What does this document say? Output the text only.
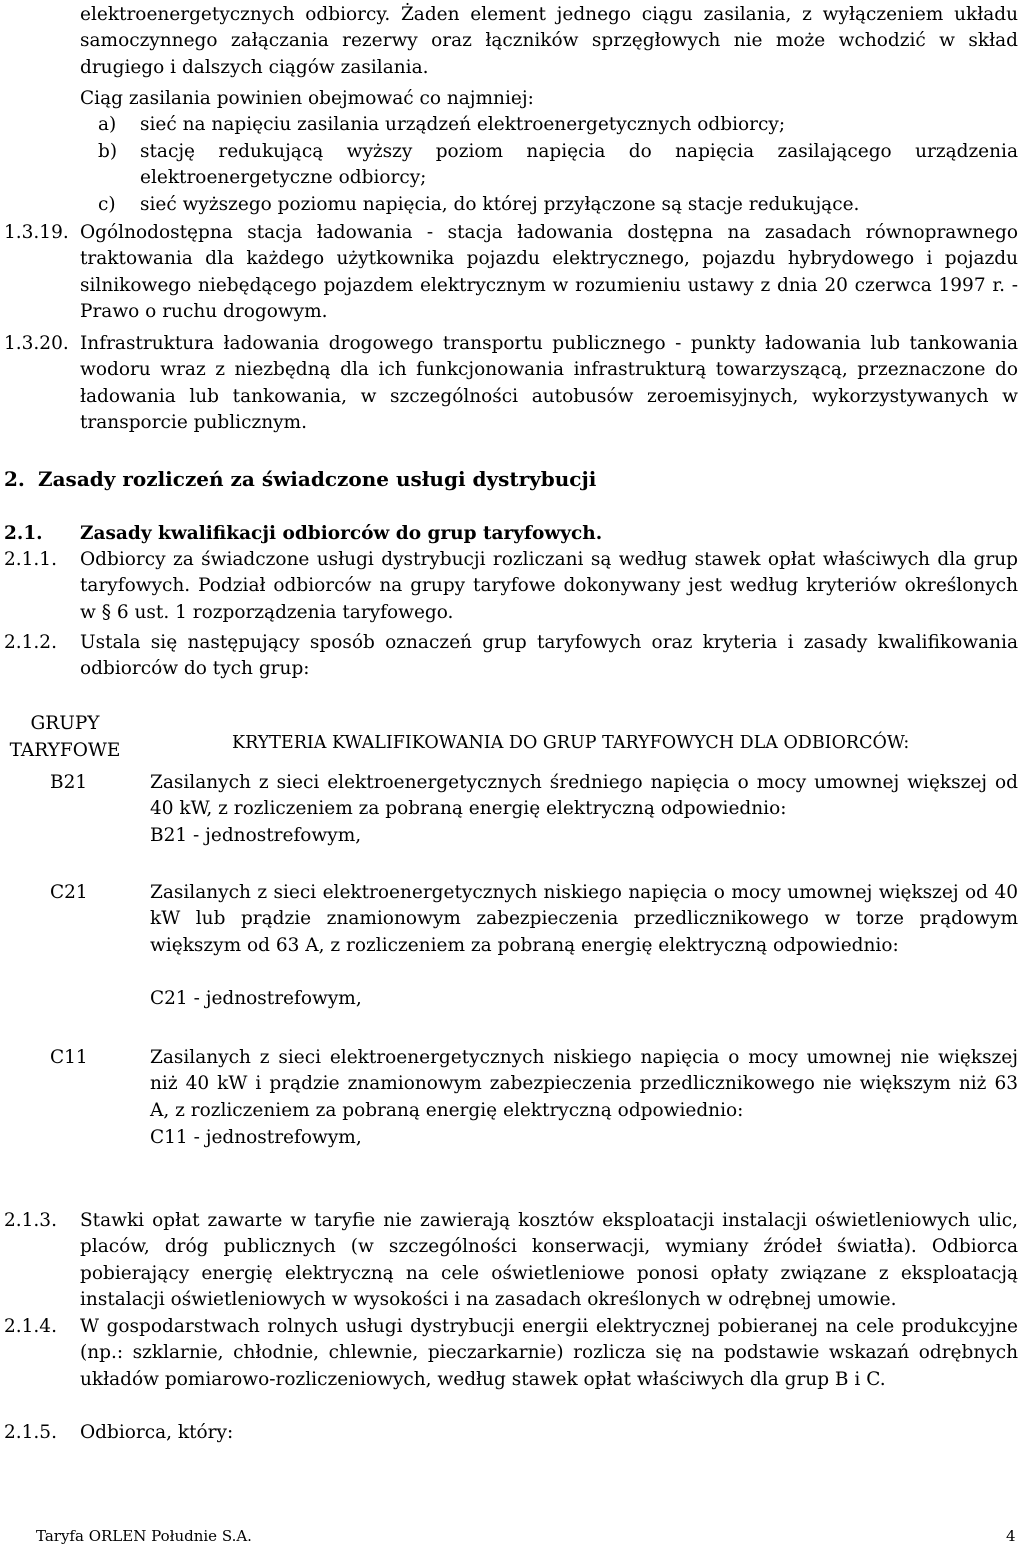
elektroenergetycznych odbiorcy. Żaden element jednego ciągu zasilania, z wyłączeniem układu samoczynnego załączania rezerwy oraz łączników sprzęgłowych nie może wchodzić w skład drugiego i dalszych ciągów zasilania.

Ciąg zasilania powinien obejmować co najmniej:

a) sieć na napięciu zasilania urządzeń elektroenergetycznych odbiorcy;

b) stację redukującą wyższy poziom napięcia do napięcia zasilającego urządzenia elektroenergetyczne odbiorcy;

c) sieć wyższego poziomu napięcia, do której przyłączone są stacje redukujące.

1.3.19. Ogólnodostępna stacja ładowania - stacja ładowania dostępna na zasadach równoprawnego traktowania dla każdego użytkownika pojazdu elektrycznego, pojazdu hybrydowego i pojazdu silnikowego niebędącego pojazdem elektrycznym w rozumieniu ustawy z dnia 20 czerwca 1997 r. - Prawo o ruchu drogowym.

1.3.20. Infrastruktura ładowania drogowego transportu publicznego - punkty ładowania lub tankowania wodoru wraz z niezbędną dla ich funkcjonowania infrastrukturą towarzyszącą, przeznaczone do ładowania lub tankowania, w szczególności autobusów zeroemisyjnych, wykorzystywanych w transporcie publicznym.

2. Zasady rozliczeń za świadczone usługi dystrybucji
2.1. Zasady kwalifikacji odbiorców do grup taryfowych.
2.1.1. Odbiorcy za świadczone usługi dystrybucji rozliczani są według stawek opłat właściwych dla grup taryfowych. Podział odbiorców na grupy taryfowe dokonywany jest według kryteriów określonych w § 6 ust. 1 rozporządzenia taryfowego.

2.1.2. Ustala się następujący sposób oznaczeń grup taryfowych oraz kryteria i zasady kwalifikowania odbiorców do tych grup:

GRUPY
TARYFOWE	KRYTERIA KWALIFIKOWANIA DO GRUP TARYFOWYCH DLA ODBIORCÓW:
B21	Zasilanych z sieci elektroenergetycznych średniego napięcia o mocy umownej większej od 40 kW, z rozliczeniem za pobraną energię elektryczną odpowiednio:

B21 - jednostrefowym,

C21	Zasilanych z sieci elektroenergetycznych niskiego napięcia o mocy umownej większej od 40 kW lub prądzie znamionowym zabezpieczenia przedlicznikowego w torze prądowym większym od 63 A, z rozliczeniem za pobraną energię elektryczną odpowiednio:

C21 - jednostrefowym,

C11	Zasilanych z sieci elektroenergetycznych niskiego napięcia o mocy umownej nie większej niż 40 kW i prądzie znamionowym zabezpieczenia przedlicznikowego nie większym niż 63 A, z rozliczeniem za pobraną energię elektryczną odpowiednio:

C11 - jednostrefowym,

2.1.3. Stawki opłat zawarte w taryfie nie zawierają kosztów eksploatacji instalacji oświetleniowych ulic, placów, dróg publicznych (w szczególności konserwacji, wymiany źródeł światła). Odbiorca pobierający energię elektryczną na cele oświetleniowe ponosi opłaty związane z eksploatacją instalacji oświetleniowych w wysokości i na zasadach określonych w odrębnej umowie.

2.1.4. W gospodarstwach rolnych usługi dystrybucji energii elektrycznej pobieranej na cele produkcyjne (np.: szklarnie, chłodnie, chlewnie, pieczarkarnie) rozlicza się na podstawie wskazań odrębnych układów pomiarowo-rozliczeniowych, według stawek opłat właściwych dla grup B i C.

2.1.5. Odbiorca, który:

Taryfa ORLEN Południe S.A.	4
